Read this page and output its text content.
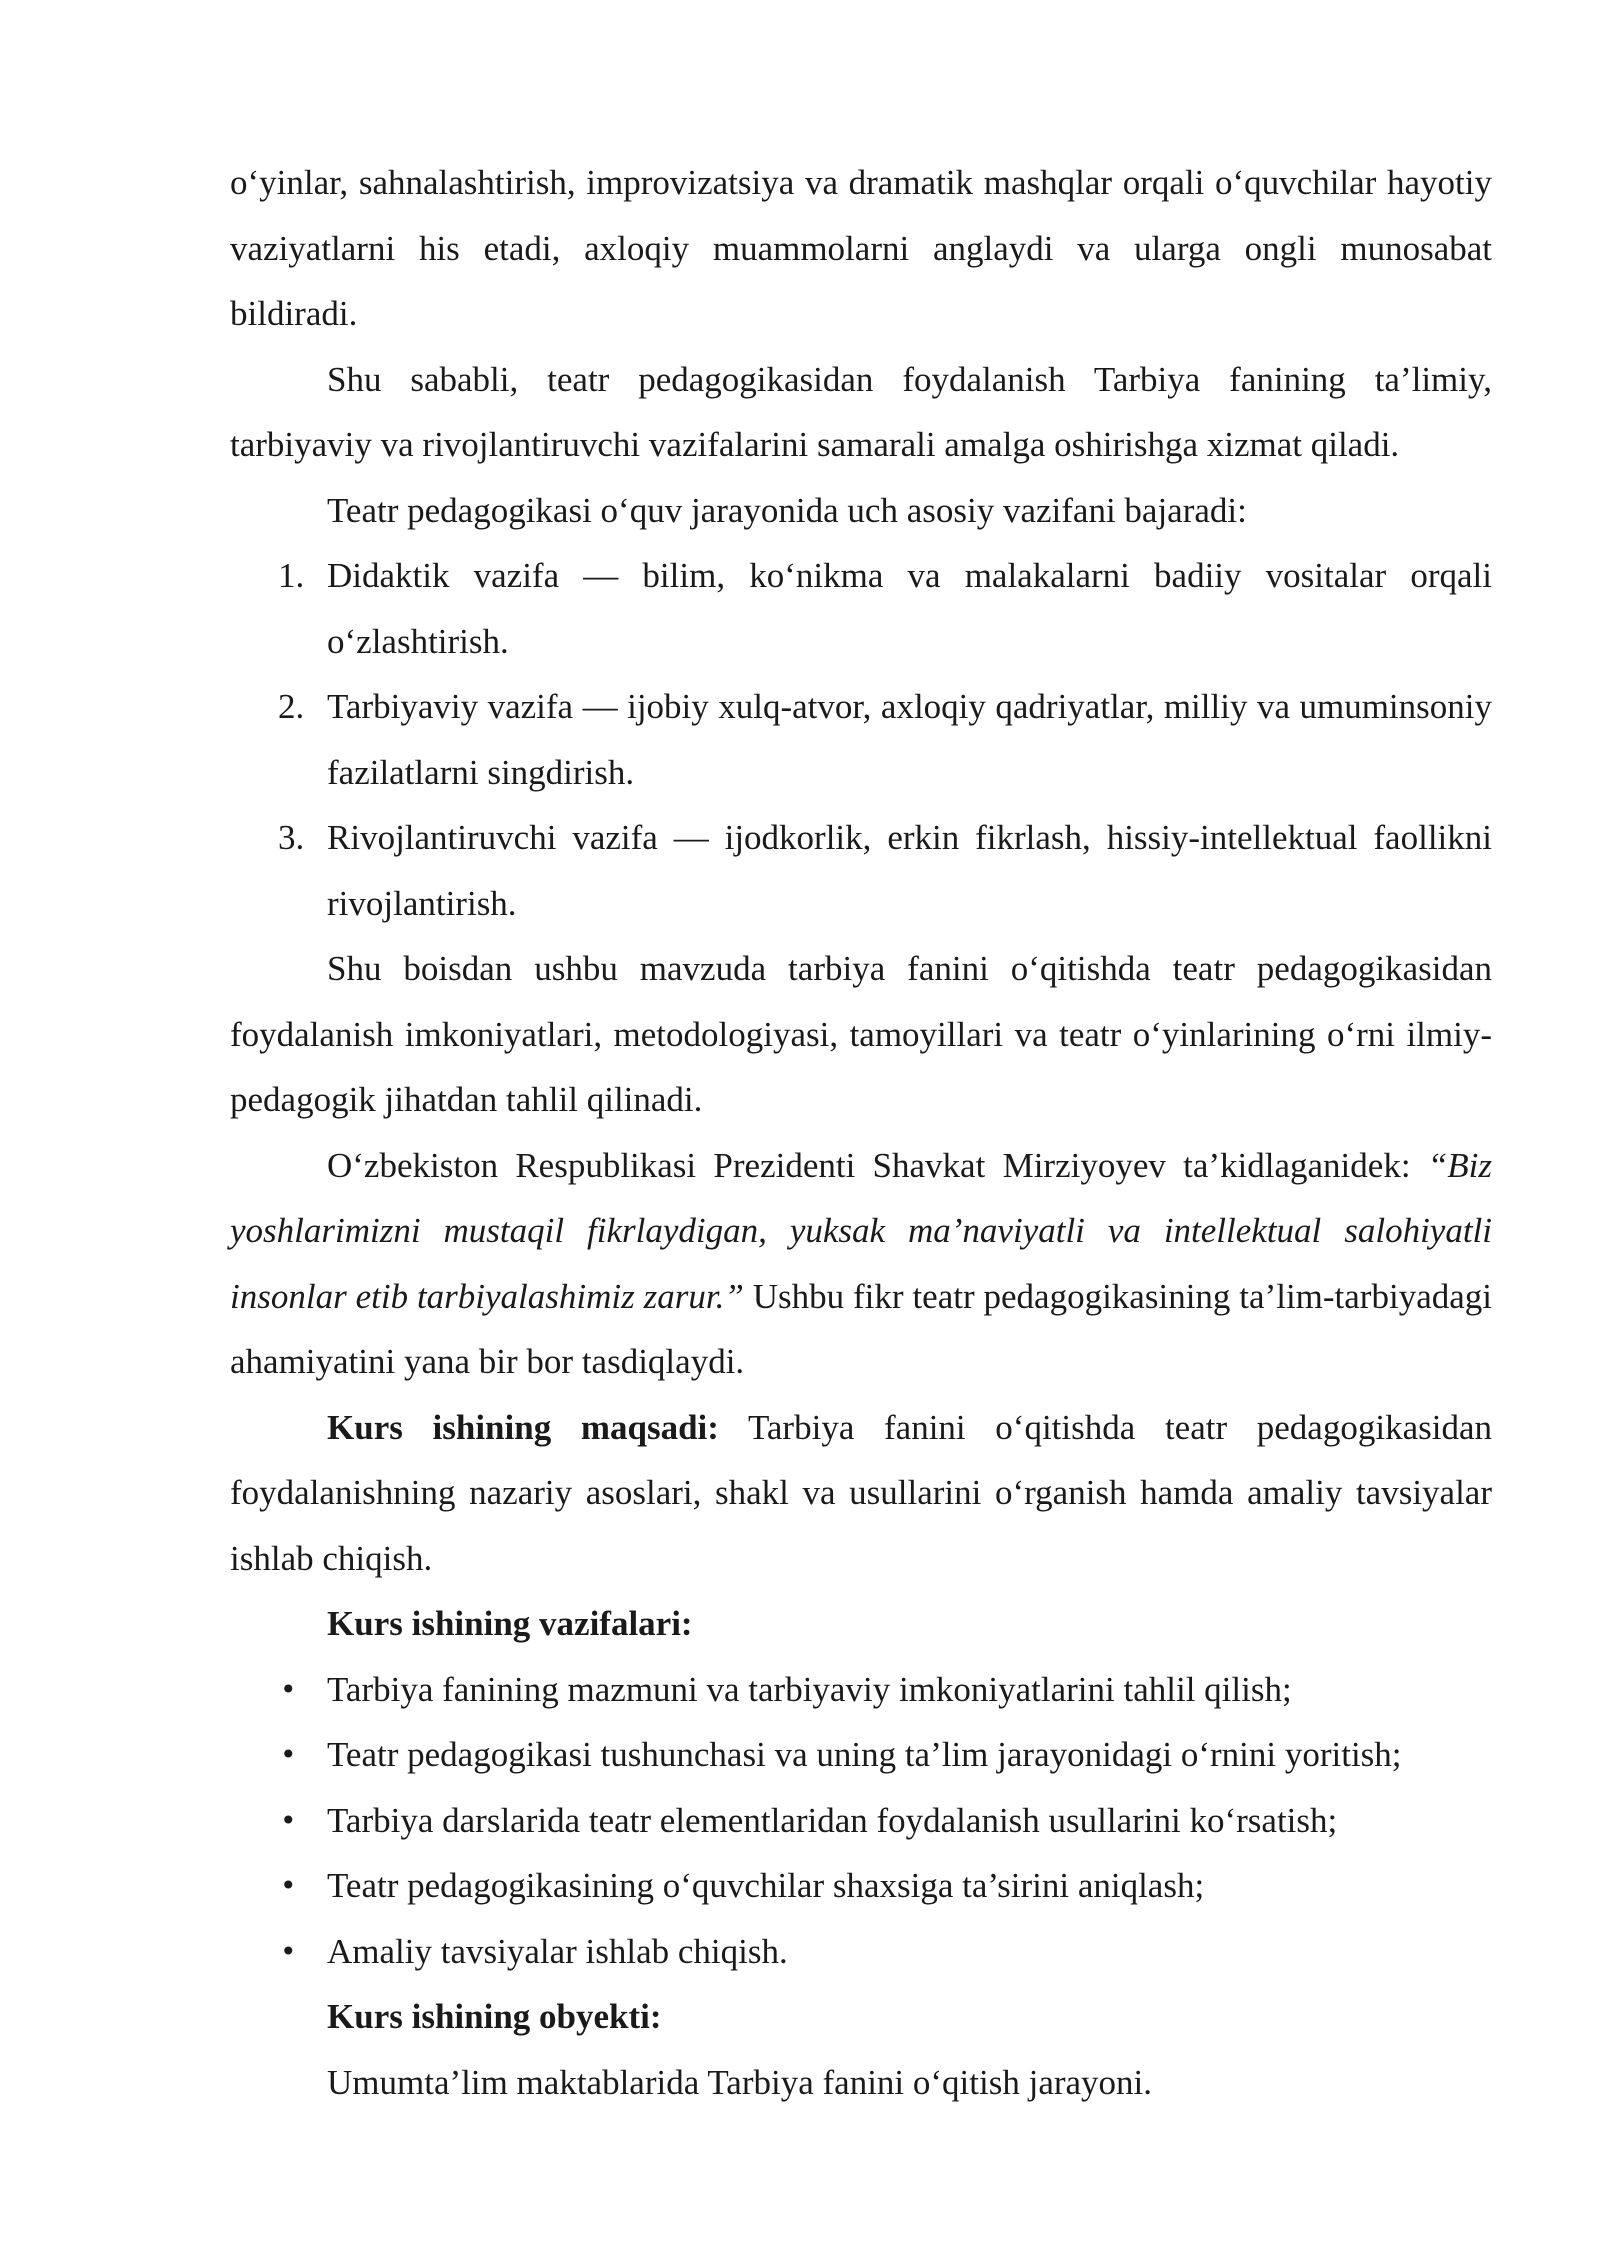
o‘yinlar, sahnalashtirish, improvizatsiya va dramatik mashqlar orqali o‘quvchilar hayotiy vaziyatlarni his etadi, axloqiy muammolarni anglaydi va ularga ongli munosabat bildiradi.

Shu sababli, teatr pedagogikasidan foydalanish Tarbiya fanining ta’limiy, tarbiyaviy va rivojlantiruvchi vazifalarini samarali amalga oshirishga xizmat qiladi.

Teatr pedagogikasi o‘quv jarayonida uch asosiy vazifani bajaradi:

1. Didaktik vazifa — bilim, ko‘nikma va malakalarni badiiy vositalar orqali o‘zlashtirish.
2. Tarbiyaviy vazifa — ijobiy xulq-atvor, axloqiy qadriyatlar, milliy va umuminsoniy fazilatlarni singdirish.
3. Rivojlantiruvchi vazifa — ijodkorlik, erkin fikrlash, hissiy-intellektual faollikni rivojlantirish.

Shu boisdan ushbu mavzuda tarbiya fanini o‘qitishda teatr pedagogikasidan foydalanish imkoniyatlari, metodologiyasi, tamoyillari va teatr o‘yinlarining o‘rni ilmiy-pedagogik jihatdan tahlil qilinadi.

O‘zbekiston Respublikasi Prezidenti Shavkat Mirziyoyev ta’kidlaganidek: “Biz yoshlarimizni mustaqil fikrlaydigan, yuksak ma’naviyatli va intellektual salohiyatli insonlar etib tarbiyalashimiz zarur.” Ushbu fikr teatr pedagogikasining ta’lim-tarbiyadagi ahamiyatini yana bir bor tasdiqlaydi.

Kurs ishining maqsadi: Tarbiya fanini o‘qitishda teatr pedagogikasidan foydalanishning nazariy asoslari, shakl va usullarini o‘rganish hamda amaliy tavsiyalar ishlab chiqish.

Kurs ishining vazifalari:

• Tarbiya fanining mazmuni va tarbiyaviy imkoniyatlarini tahlil qilish;
• Teatr pedagogikasi tushunchasi va uning ta’lim jarayonidagi o‘rnini yoritish;
• Tarbiya darslarida teatr elementlaridan foydalanish usullarini ko‘rsatish;
• Teatr pedagogikasining o‘quvchilar shaxsiga ta’sirini aniqlash;
• Amaliy tavsiyalar ishlab chiqish.

Kurs ishining obyekti:

Umumta’lim maktablarida Tarbiya fanini o‘qitish jarayoni.
